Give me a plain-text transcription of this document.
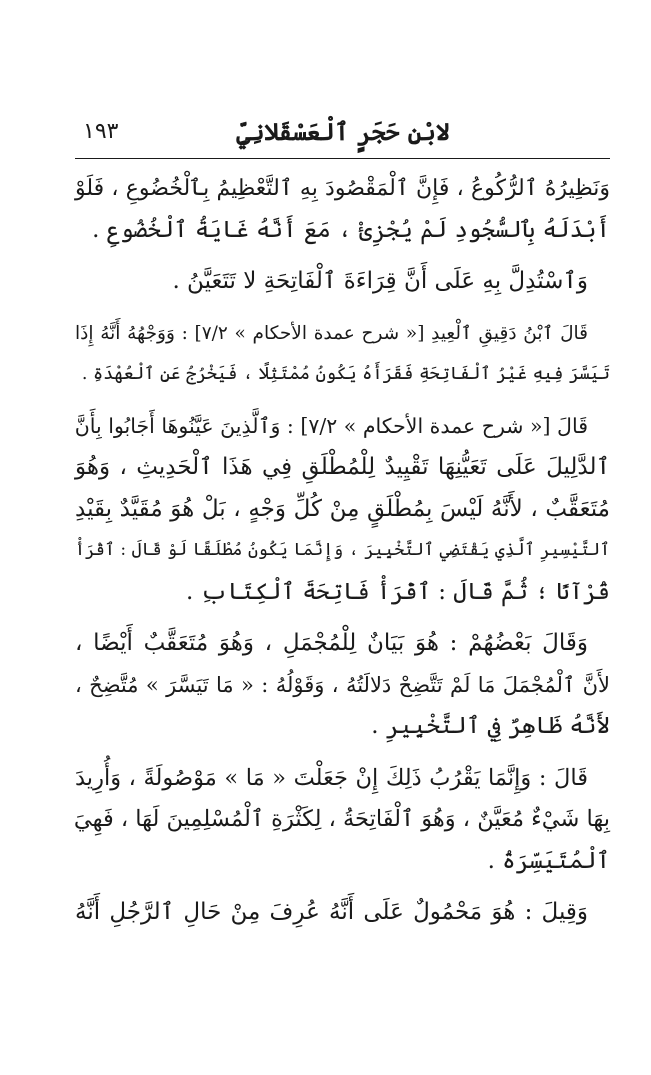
لابْنِ حَجَرٍ ٱلْعَسْقَلانِيِّ
١٩٣
وَنَظِيرُهُ ٱلرُّكُوعُ ، فَإِنَّ ٱلْمَقْصُودَ بِهِ ٱلتَّعْظِيمُ بِٱلْخُضُوعِ ، فَلَوْ
أَبْدَلَهُ بِٱلسُّجُودِ لَمْ يُجْزِئْ ، مَعَ أَنَّهُ غَايَةُ ٱلْخُضُوعِ .
وَٱسْتُدِلَّ بِهِ عَلَى أَنَّ قِرَاءَةَ ٱلْفَاتِحَةِ لا تَتَعَيَّنُ .
قَالَ ٱبْنُ دَقِيقِ ٱلْعِيدِ [« شرح عمدة الأحكام » ٧/٢] : وَوَجْهُهُ أَنَّهُ إِذَا
تَيَسَّرَ فِيهِ غَيْرُ ٱلْفَاتِحَةِ فَقَرَأَهُ يَكُونُ مُمْتَثِلًا ، فَيَخْرُجُ عَنِ ٱلْعُهْدَةِ .
قَالَ [« شرح عمدة الأحكام » ٧/٢] : وَٱلَّذِينَ عَيَّنُوهَا أَجَابُوا بِأَنَّ
ٱلدَّلِيلَ عَلَى تَعَيُّنِهَا تَقْيِيدٌ لِلْمُطْلَقِ فِي هَذَا ٱلْحَدِيثِ ، وَهُوَ
مُتَعَقَّبٌ ، لأَنَّهُ لَيْسَ بِمُطْلَقٍ مِنْ كُلِّ وَجْهٍ ، بَلْ هُوَ مُقَيَّدٌ بِقَيْدِ
ٱلتَّيْسِيرِ ٱلَّذِي يَقْتَضِي ٱلتَّخْيِيرَ ، وَإِنَّمَا يَكُونُ مُطْلَقًا لَوْ قَالَ : ٱقْرَأْ
قُرْآنًا ؛ ثُمَّ قَالَ : ٱقْرَأْ فَاتِحَةَ ٱلْكِتَابِ .
وَقَالَ بَعْضُهُمْ : هُوَ بَيَانٌ لِلْمُجْمَلِ ، وَهُوَ مُتَعَقَّبٌ أَيْضًا ،
لأَنَّ ٱلْمُجْمَلَ مَا لَمْ تَتَّضِحْ دَلالَتُهُ ، وَقَوْلُهُ : « مَا تَيَسَّرَ » مُتَّضِحٌ ،
لأَنَّهُ ظَاهِرٌ فِي ٱلتَّخْيِيرِ .
قَالَ : وَإِنَّمَا يَقْرُبُ ذَلِكَ إِنْ جَعَلْتَ « مَا » مَوْصُولَةً ، وَأُرِيدَ
بِهَا شَيْءٌ مُعَيَّنٌ ، وَهُوَ ٱلْفَاتِحَةُ ، لِكَثْرَةِ ٱلْمُسْلِمِينَ لَهَا ، فَهِيَ
ٱلْمُتَيَسِّرَةُ .
وَقِيلَ : هُوَ مَحْمُولٌ عَلَى أَنَّهُ عُرِفَ مِنْ حَالِ ٱلرَّجُلِ أَنَّهُ
